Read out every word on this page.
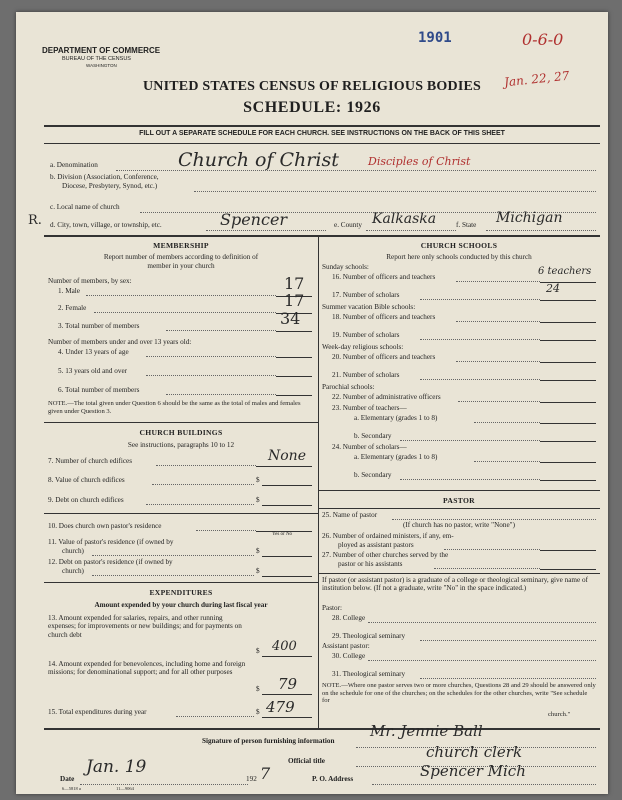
DEPARTMENT OF COMMERCE
BUREAU OF THE CENSUS
WASHINGTON
1901	0-6-0
Jan. 22, 27
UNITED STATES CENSUS OF RELIGIOUS BODIES
SCHEDULE: 1926
FILL OUT A SEPARATE SCHEDULE FOR EACH CHURCH. SEE INSTRUCTIONS ON THE BACK OF THIS SHEET
a. Denomination	Church of Christ	Disciples of Christ
b. Division (Association, Conference,
Diocese, Presbytery, Synod, etc.)
c. Local name of church
R. d. City, town, village, or township, etc.	Spencer	e. County Kalkaska	f. State Michigan
MEMBERSHIP
Report number of members according to definition of
member in your church
Number of members, by sex:
1. Male	17
2. Female	17
3. Total number of members	34
Number of members under and over 13 years old:
4. Under 13 years of age
5. 13 years old and over
6. Total number of members
NOTE.—The total given under Question 6 should be the same as the total of males and females given under Question 3.
CHURCH BUILDINGS
See instructions, paragraphs 10 to 12
7. Number of church edifices	None
8. Value of church edifices	$
9. Debt on church edifices	$
10. Does church own pastor's residence
Yes or No
11. Value of pastor's residence (if owned by
church)	$
12. Debt on pastor's residence (if owned by
church)	$
EXPENDITURES
Amount expended by your church during last fiscal year
13. Amount expended for salaries, repairs, and other running expenses; for improvements or new buildings; and for payments on church debt
$ 400
14. Amount expended for benevolences, including home and foreign missions; for denominational support; and for all other purposes
$ 79
15. Total expenditures during year	$ 479
CHURCH SCHOOLS
Report here only schools conducted by this church
Sunday schools:
16. Number of officers and teachers	6 teachers
17. Number of scholars	24
Summer vacation Bible schools:
18. Number of officers and teachers
19. Number of scholars
Week-day religious schools:
20. Number of officers and teachers
21. Number of scholars
Parochial schools:
22. Number of administrative officers
23. Number of teachers—
a. Elementary (grades 1 to 8)
b. Secondary
24. Number of scholars—
a. Elementary (grades 1 to 8)
b. Secondary
PASTOR
25. Name of pastor
(If church has no pastor, write "None")
26. Number of ordained ministers, if any, em-
ployed as assistant pastors
27. Number of other churches served by the
pastor or his assistants
If pastor (or assistant pastor) is a graduate of a college or theological seminary, give name of institution below. (If not a graduate, write "No" in the space indicated.)
Pastor:
28. College
29. Theological seminary
Assistant pastor:
30. College
31. Theological seminary
NOTE.—Where one pastor serves two or more churches, Questions 28 and 29 should be answered only on the schedule for one of the churches; on the schedules for the other churches, write "See schedule for
church."
Signature of person furnishing information
Mr. Jennie Ball
Official title	church clerk
Date
Jan. 19
192 7	P. O. Address	Spencer Mich
6—5818 a	11—9064
